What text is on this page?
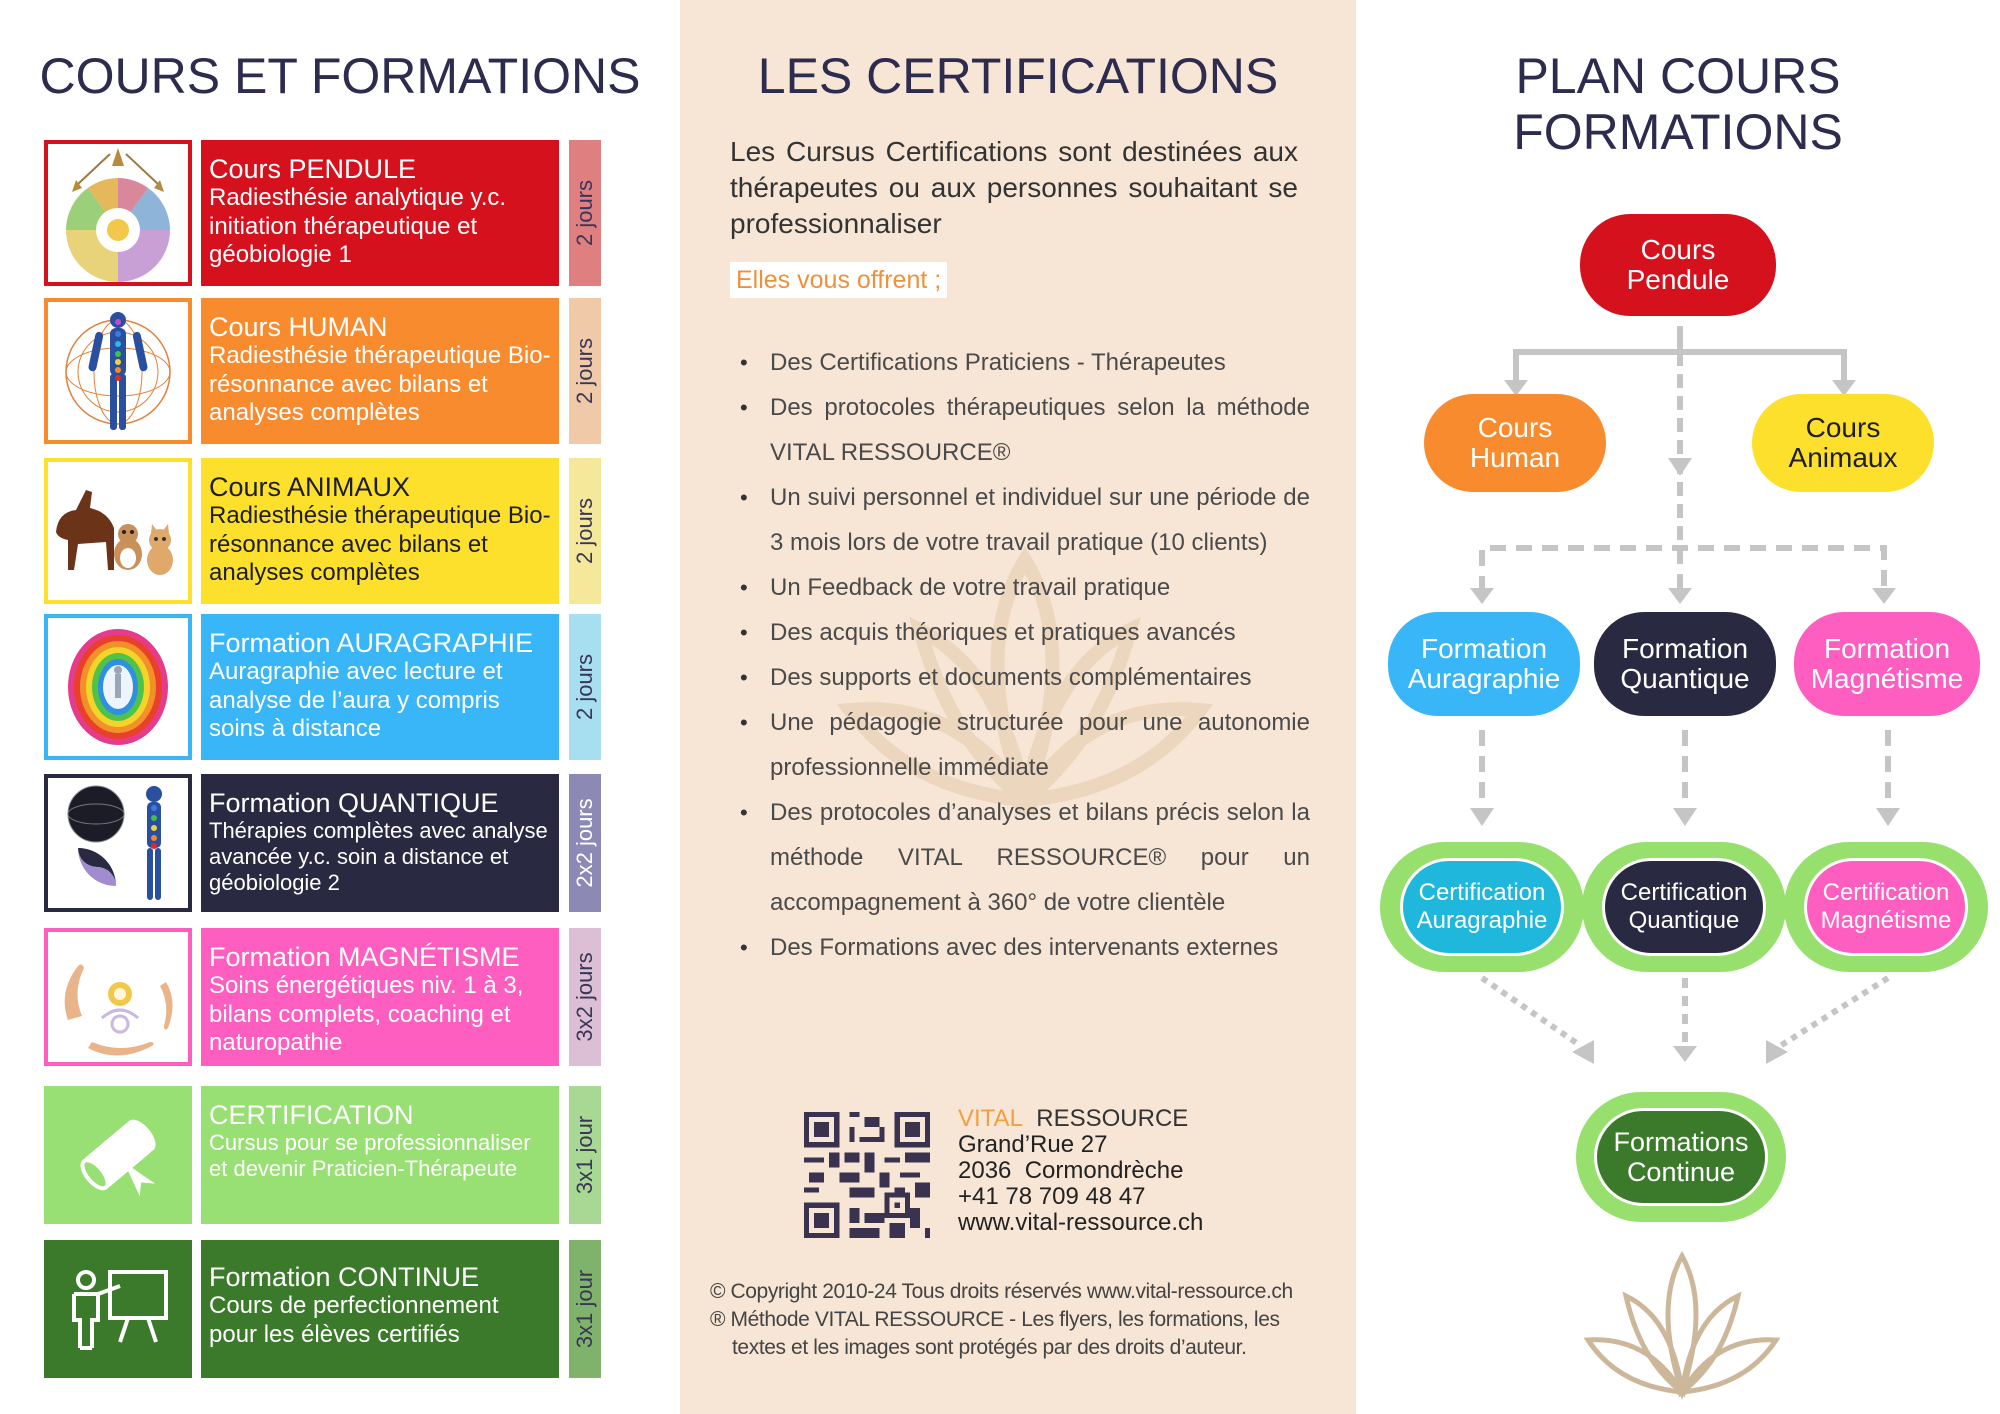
COURS ET FORMATIONS
Cours PENDULE
Radiesthésie analytique y.c. initiation thérapeutique et géobiologie 1
2 jours
Cours HUMAN
Radiesthésie thérapeutique Bio-résonnance avec bilans et analyses complètes
2 jours
Cours ANIMAUX
Radiesthésie thérapeutique Bio-résonnance avec bilans et analyses complètes
2 jours
Formation AURAGRAPHIE
Auragraphie avec lecture et analyse de l’aura y compris soins à distance
2 jours
Formation QUANTIQUE
Thérapies complètes avec analyse avancée y.c. soin a distance et géobiologie 2	2x2 jours
Formation MAGNÉTISME
Soins énergétiques niv. 1 à 3, bilans complets, coaching et naturopathie
3x2 jours
CERTIFICATION
Cursus pour se professionnaliser et devenir Praticien-Thérapeute	3x1 jour
Formation CONTINUE
Cours de perfectionnement pour les élèves certifiés	3x1 jour
LES CERTIFICATIONS
Les Cursus Certifications sont destinées aux thérapeutes ou aux personnes souhaitant se professionnaliser
Elles vous offrent ;
• Des Certifications Praticiens - Thérapeutes
• Des protocoles thérapeutiques selon la méthode VITAL RESSOURCE®
• Un suivi personnel et individuel sur une période de 3 mois lors de votre travail pratique (10 clients)
• Un Feedback de votre travail pratique
• Des acquis théoriques et pratiques avancés
• Des supports et documents complémentaires
• Une pédagogie structurée pour une autonomie professionnelle immédiate
• Des protocoles d’analyses et bilans précis selon la méthode VITAL RESSOURCE® pour un accompagnement à 360° de votre clientèle
• Des Formations avec des intervenants externes
VITAL RESSOURCE
Grand’Rue 27
2036  Cormondrèche
+41 78 709 48 47
www.vital-ressource.ch
© Copyright 2010-24 Tous droits réservés www.vital-ressource.ch
® Méthode VITAL RESSOURCE - Les flyers, les formations, les
textes et les images sont protégés par des droits d’auteur.
PLAN COURS
FORMATIONS
Cours
Pendule
Cours
Human
Cours
Animaux
Formation
Auragraphie
Formation
Quantique
Formation
Magnétisme
Certification
Auragraphie
Certification
Quantique
Certification
Magnétisme
Formations
Continue
